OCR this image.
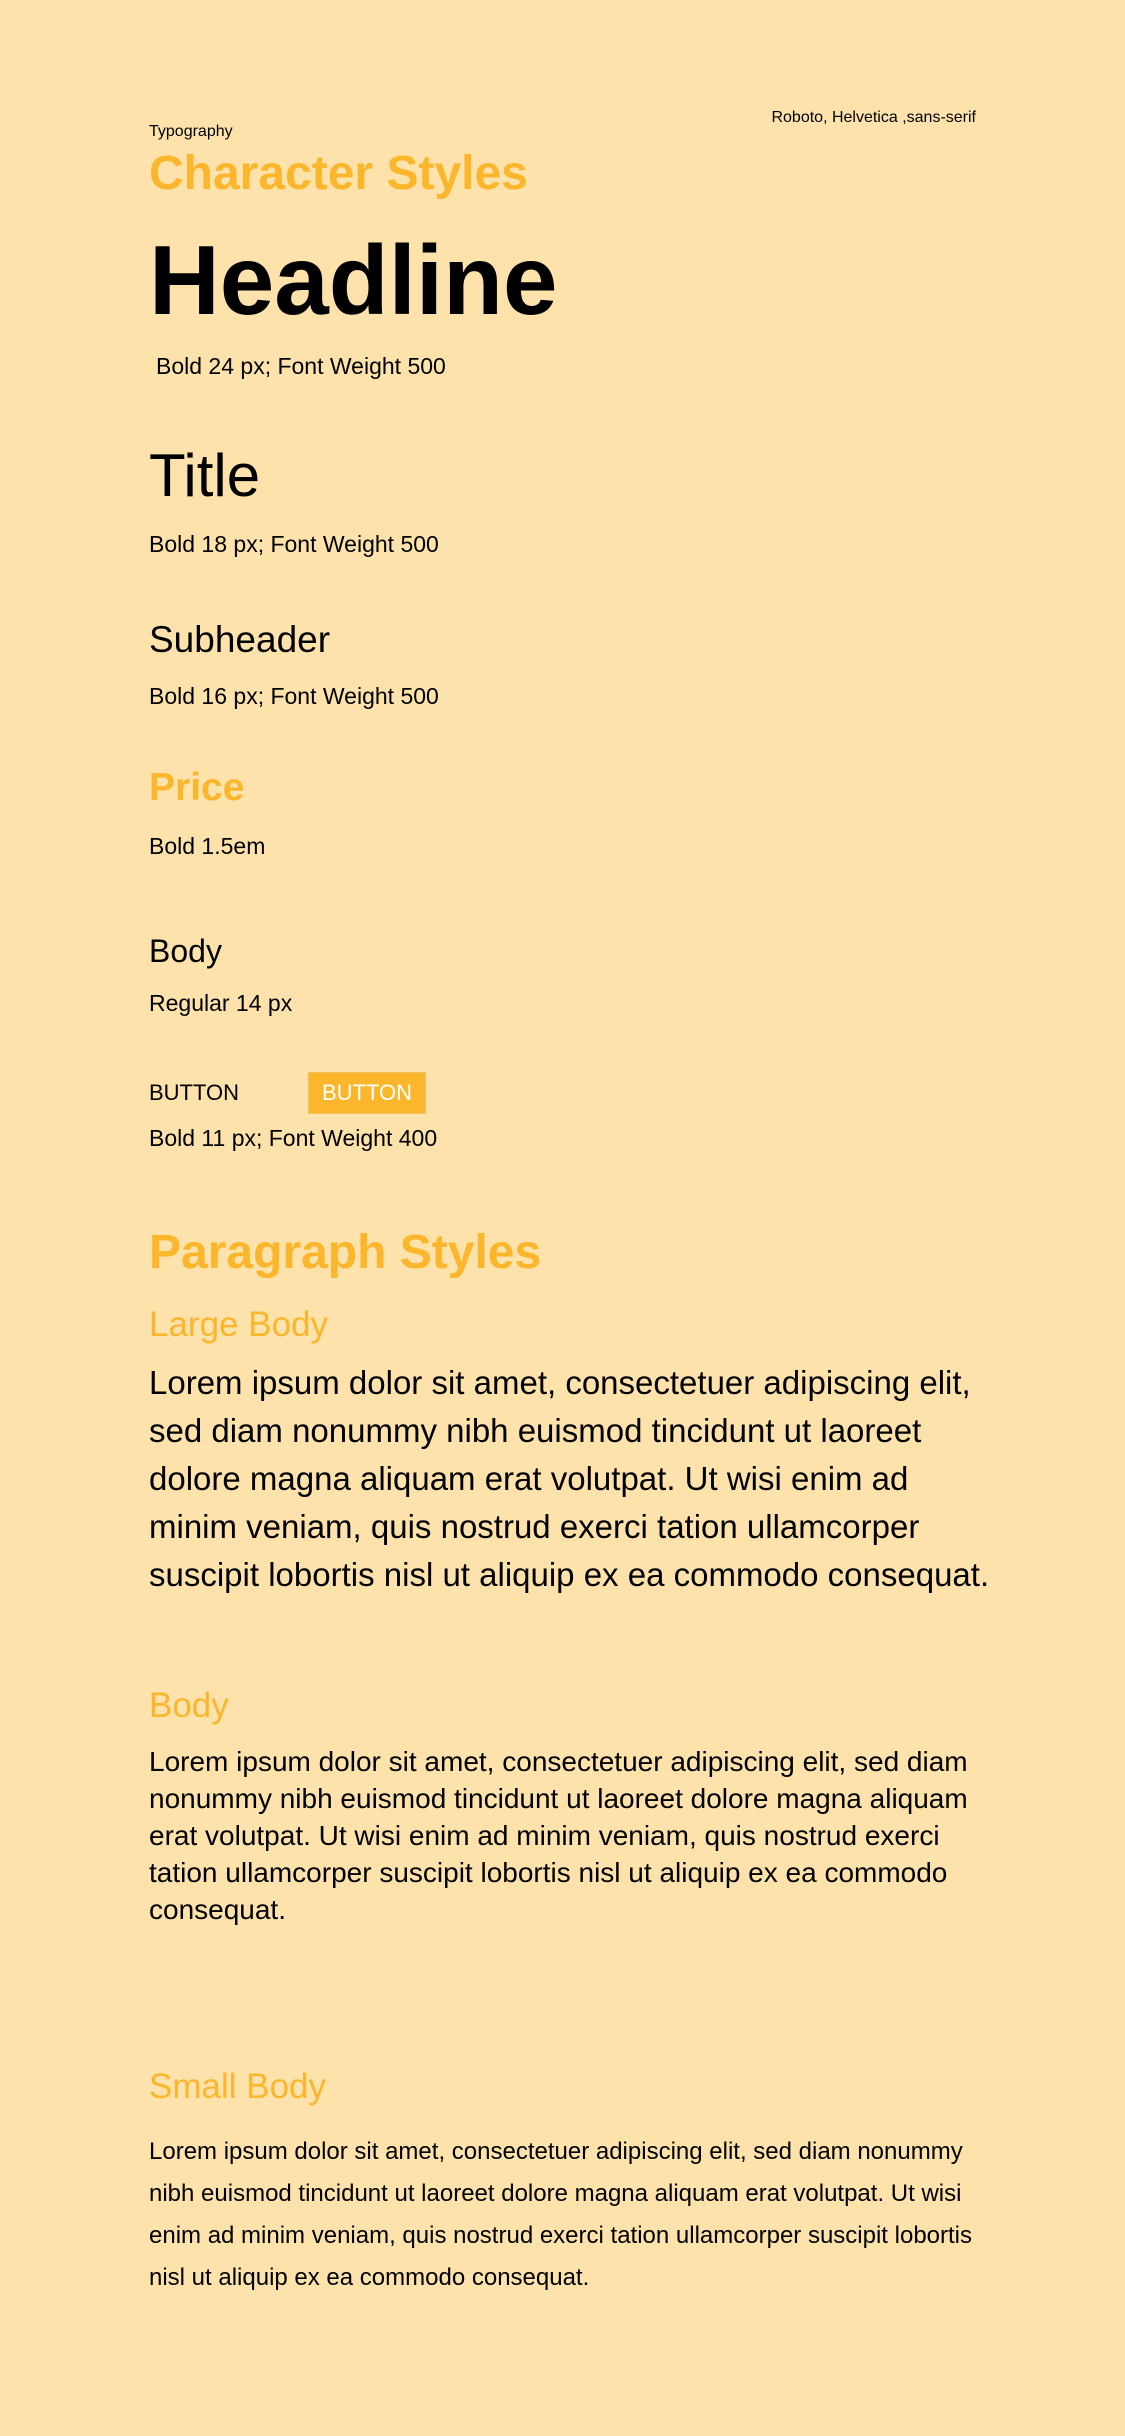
Typography
Roboto, Helvetica ,sans-serif
Character Styles
Headline
Bold 24 px; Font Weight 500
Title
Bold 18 px; Font Weight 500
Subheader
Bold 16 px; Font Weight 500
Price
Bold 1.5em
Body
Regular 14 px
BUTTON	BUTTON
Bold 11 px; Font Weight 400
Paragraph Styles
Large Body
Lorem ipsum dolor sit amet, consectetuer adipiscing elit, sed diam nonummy nibh euismod tincidunt ut laoreet dolore magna aliquam erat volutpat. Ut wisi enim ad minim veniam, quis nostrud exerci tation ullamcorper suscipit lobortis nisl ut aliquip ex ea commodo consequat.
Body
Lorem ipsum dolor sit amet, consectetuer adipiscing elit, sed diam nonummy nibh euismod tincidunt ut laoreet dolore magna aliquam erat volutpat. Ut wisi enim ad minim veniam, quis nostrud exerci tation ullamcorper suscipit lobortis nisl ut aliquip ex ea commodo consequat.
Small Body
Lorem ipsum dolor sit amet, consectetuer adipiscing elit, sed diam nonummy nibh euismod tincidunt ut laoreet dolore magna aliquam erat volutpat. Ut wisi enim ad minim veniam, quis nostrud exerci tation ullamcorper suscipit lobortis nisl ut aliquip ex ea commodo consequat.
